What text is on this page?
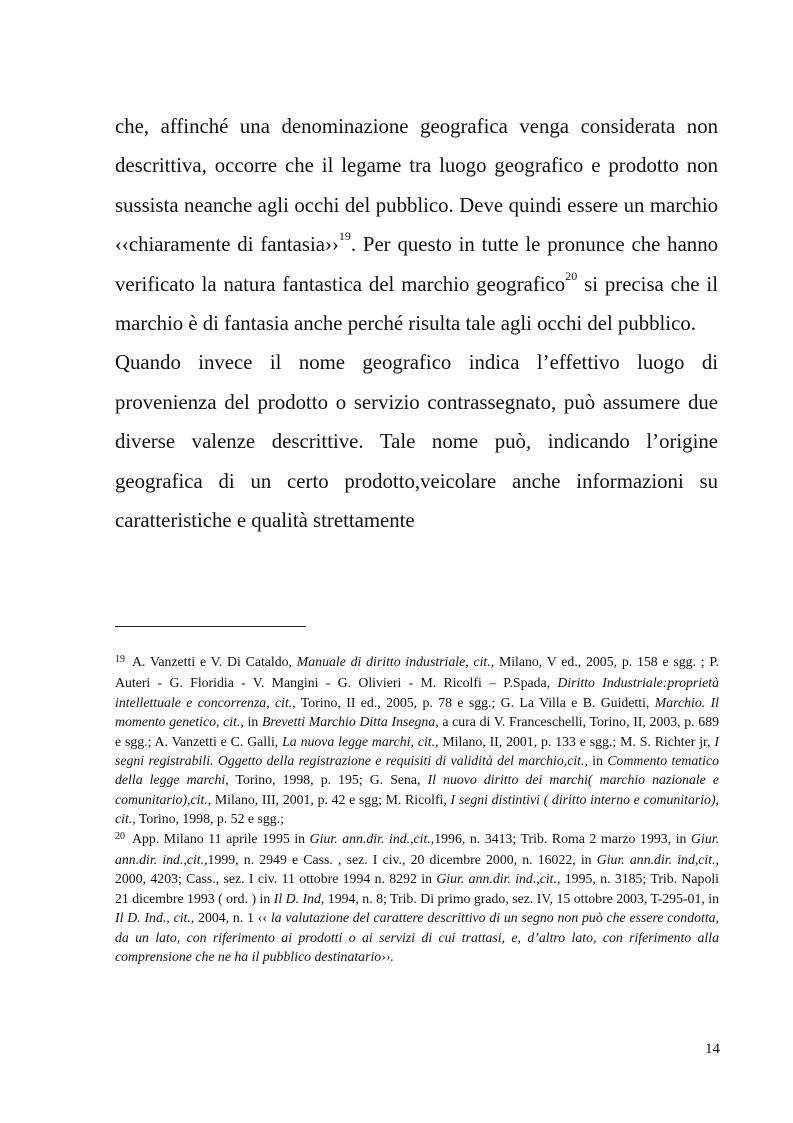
che, affinché una denominazione geografica venga considerata non descrittiva, occorre che il legame tra luogo geografico e prodotto non sussista neanche agli occhi del pubblico. Deve quindi essere un marchio ‹‹chiaramente di fantasia››$^{19}$. Per questo in tutte le pronunce che hanno verificato la natura fantastica del marchio geografico$^{20}$ si precisa che il marchio è di fantasia anche perché risulta tale agli occhi del pubblico.

Quando invece il nome geografico indica l’effettivo luogo di provenienza del prodotto o servizio contrassegnato, può assumere due diverse valenze descrittive. Tale nome può, indicando l’origine geografica di un certo prodotto,veicolare anche informazioni su caratteristiche e qualità strettamente

$^{19}$ A. Vanzetti e V. Di Cataldo, Manuale di diritto industriale, cit., Milano, V ed., 2005, p. 158 e sgg. ; P. Auteri - G. Floridia - V. Mangini - G. Olivieri - M. Ricolfi – P.Spada, Diritto Industriale:proprietà intellettuale e concorrenza, cit., Torino, II ed., 2005, p. 78 e sgg.; G. La Villa e B. Guidetti, Marchio. Il momento genetico, cit., in Brevetti Marchio Ditta Insegna, a cura di V. Franceschelli, Torino, II, 2003, p. 689 e sgg.; A. Vanzetti e C. Galli, La nuova legge marchi, cit., Milano, II, 2001, p. 133 e sgg.; M. S. Richter jr, I segni registrabili. Oggetto della registrazione e requisiti di validità del marchio,cit., in Commento tematico della legge marchi, Torino, 1998, p. 195; G. Sena, Il nuovo diritto dei marchi( marchio nazionale e comunitario),cit., Milano, III, 2001, p. 42 e sgg; M. Ricolfi, I segni distintivi ( diritto interno e comunitario), cit., Torino, 1998, p. 52 e sgg.;

$^{20}$ App. Milano 11 aprile 1995 in Giur. ann.dir. ind.,cit.,1996, n. 3413; Trib. Roma 2 marzo 1993, in Giur. ann.dir. ind.,cit.,1999, n. 2949 e Cass. , sez. I civ., 20 dicembre 2000, n. 16022, in Giur. ann.dir. ind,cit., 2000, 4203; Cass., sez. I civ. 11 ottobre 1994 n. 8292 in Giur. ann.dir. ind.,cit., 1995, n. 3185; Trib. Napoli 21 dicembre 1993 ( ord. ) in Il D. Ind, 1994, n. 8; Trib. Di primo grado, sez. IV, 15 ottobre 2003, T-295-01, in Il D. Ind., cit., 2004, n. 1 ‹‹ la valutazione del carattere descrittivo di un segno non può che essere condotta, da un lato, con riferimento ai prodotti o ai servizi di cui trattasi, e, d’altro lato, con riferimento alla comprensione che ne ha il pubblico destinatario››.

14
